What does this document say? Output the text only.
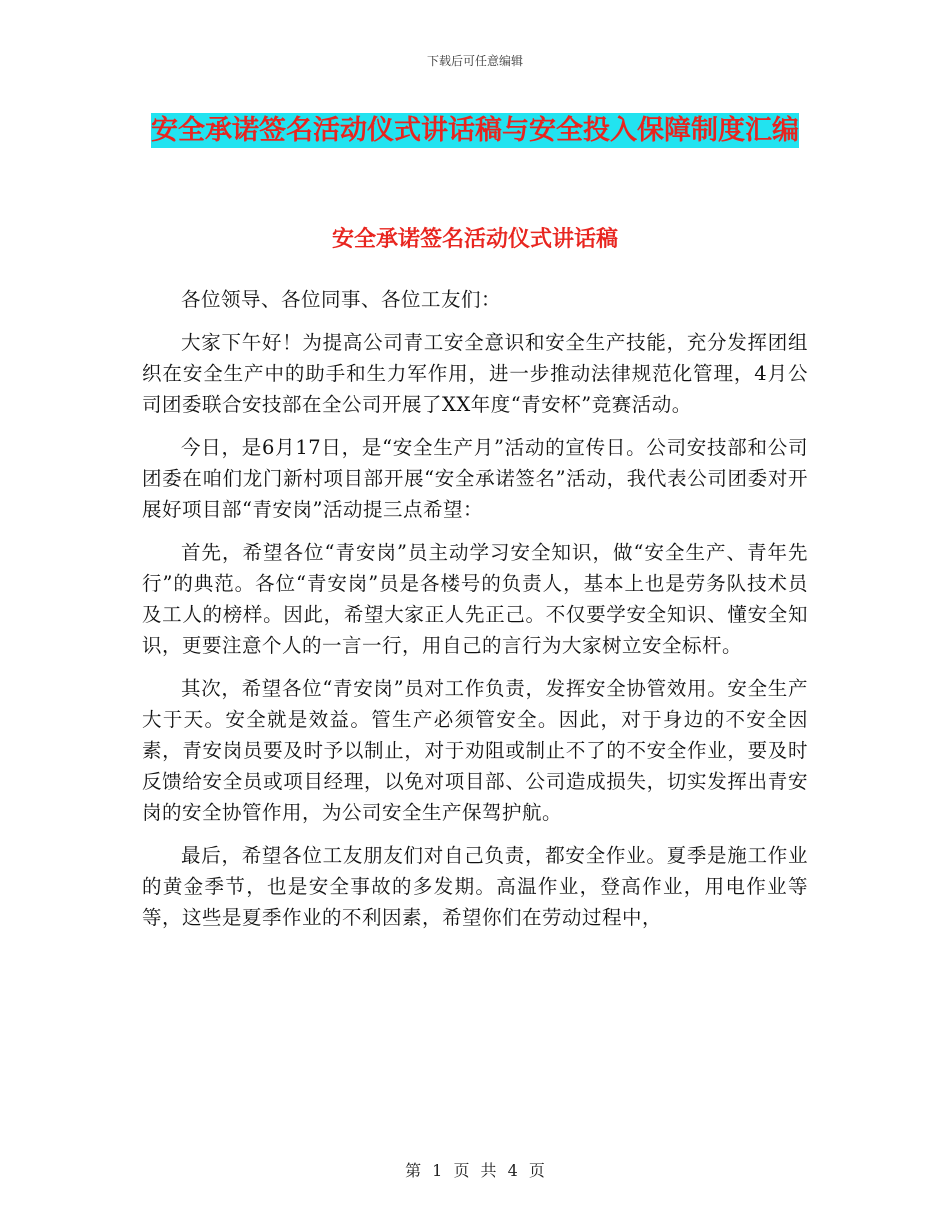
下载后可任意编辑
安全承诺签名活动仪式讲话稿与安全投入保障制度汇编
安全承诺签名活动仪式讲话稿

各位领导、各位同事、各位工友们：

大家下午好！为提高公司青工安全意识和安全生产技能，充分发挥团组织在安全生产中的助手和生力军作用，进一步推动法律规范化管理，4月公司团委联合安技部在全公司开展了XX年度“青安杯”竞赛活动。

今日，是6月17日，是“安全生产月”活动的宣传日。公司安技部和公司团委在咱们龙门新村项目部开展“安全承诺签名”活动，我代表公司团委对开展好项目部“青安岗”活动提三点希望：

首先，希望各位“青安岗”员主动学习安全知识，做“安全生产、青年先行”的典范。各位“青安岗”员是各楼号的负责人，基本上也是劳务队技术员及工人的榜样。因此，希望大家正人先正己。不仅要学安全知识、懂安全知识，更要注意个人的一言一行，用自己的言行为大家树立安全标杆。

其次，希望各位“青安岗”员对工作负责，发挥安全协管效用。安全生产大于天。安全就是效益。管生产必须管安全。因此，对于身边的不安全因素，青安岗员要及时予以制止，对于劝阻或制止不了的不安全作业，要及时反馈给安全员或项目经理，以免对项目部、公司造成损失，切实发挥出青安岗的安全协管作用，为公司安全生产保驾护航。

最后，希望各位工友朋友们对自己负责，都安全作业。夏季是施工作业的黄金季节，也是安全事故的多发期。高温作业，登高作业，用电作业等等，这些是夏季作业的不利因素，希望你们在劳动过程中，

第 1 页 共 4 页
